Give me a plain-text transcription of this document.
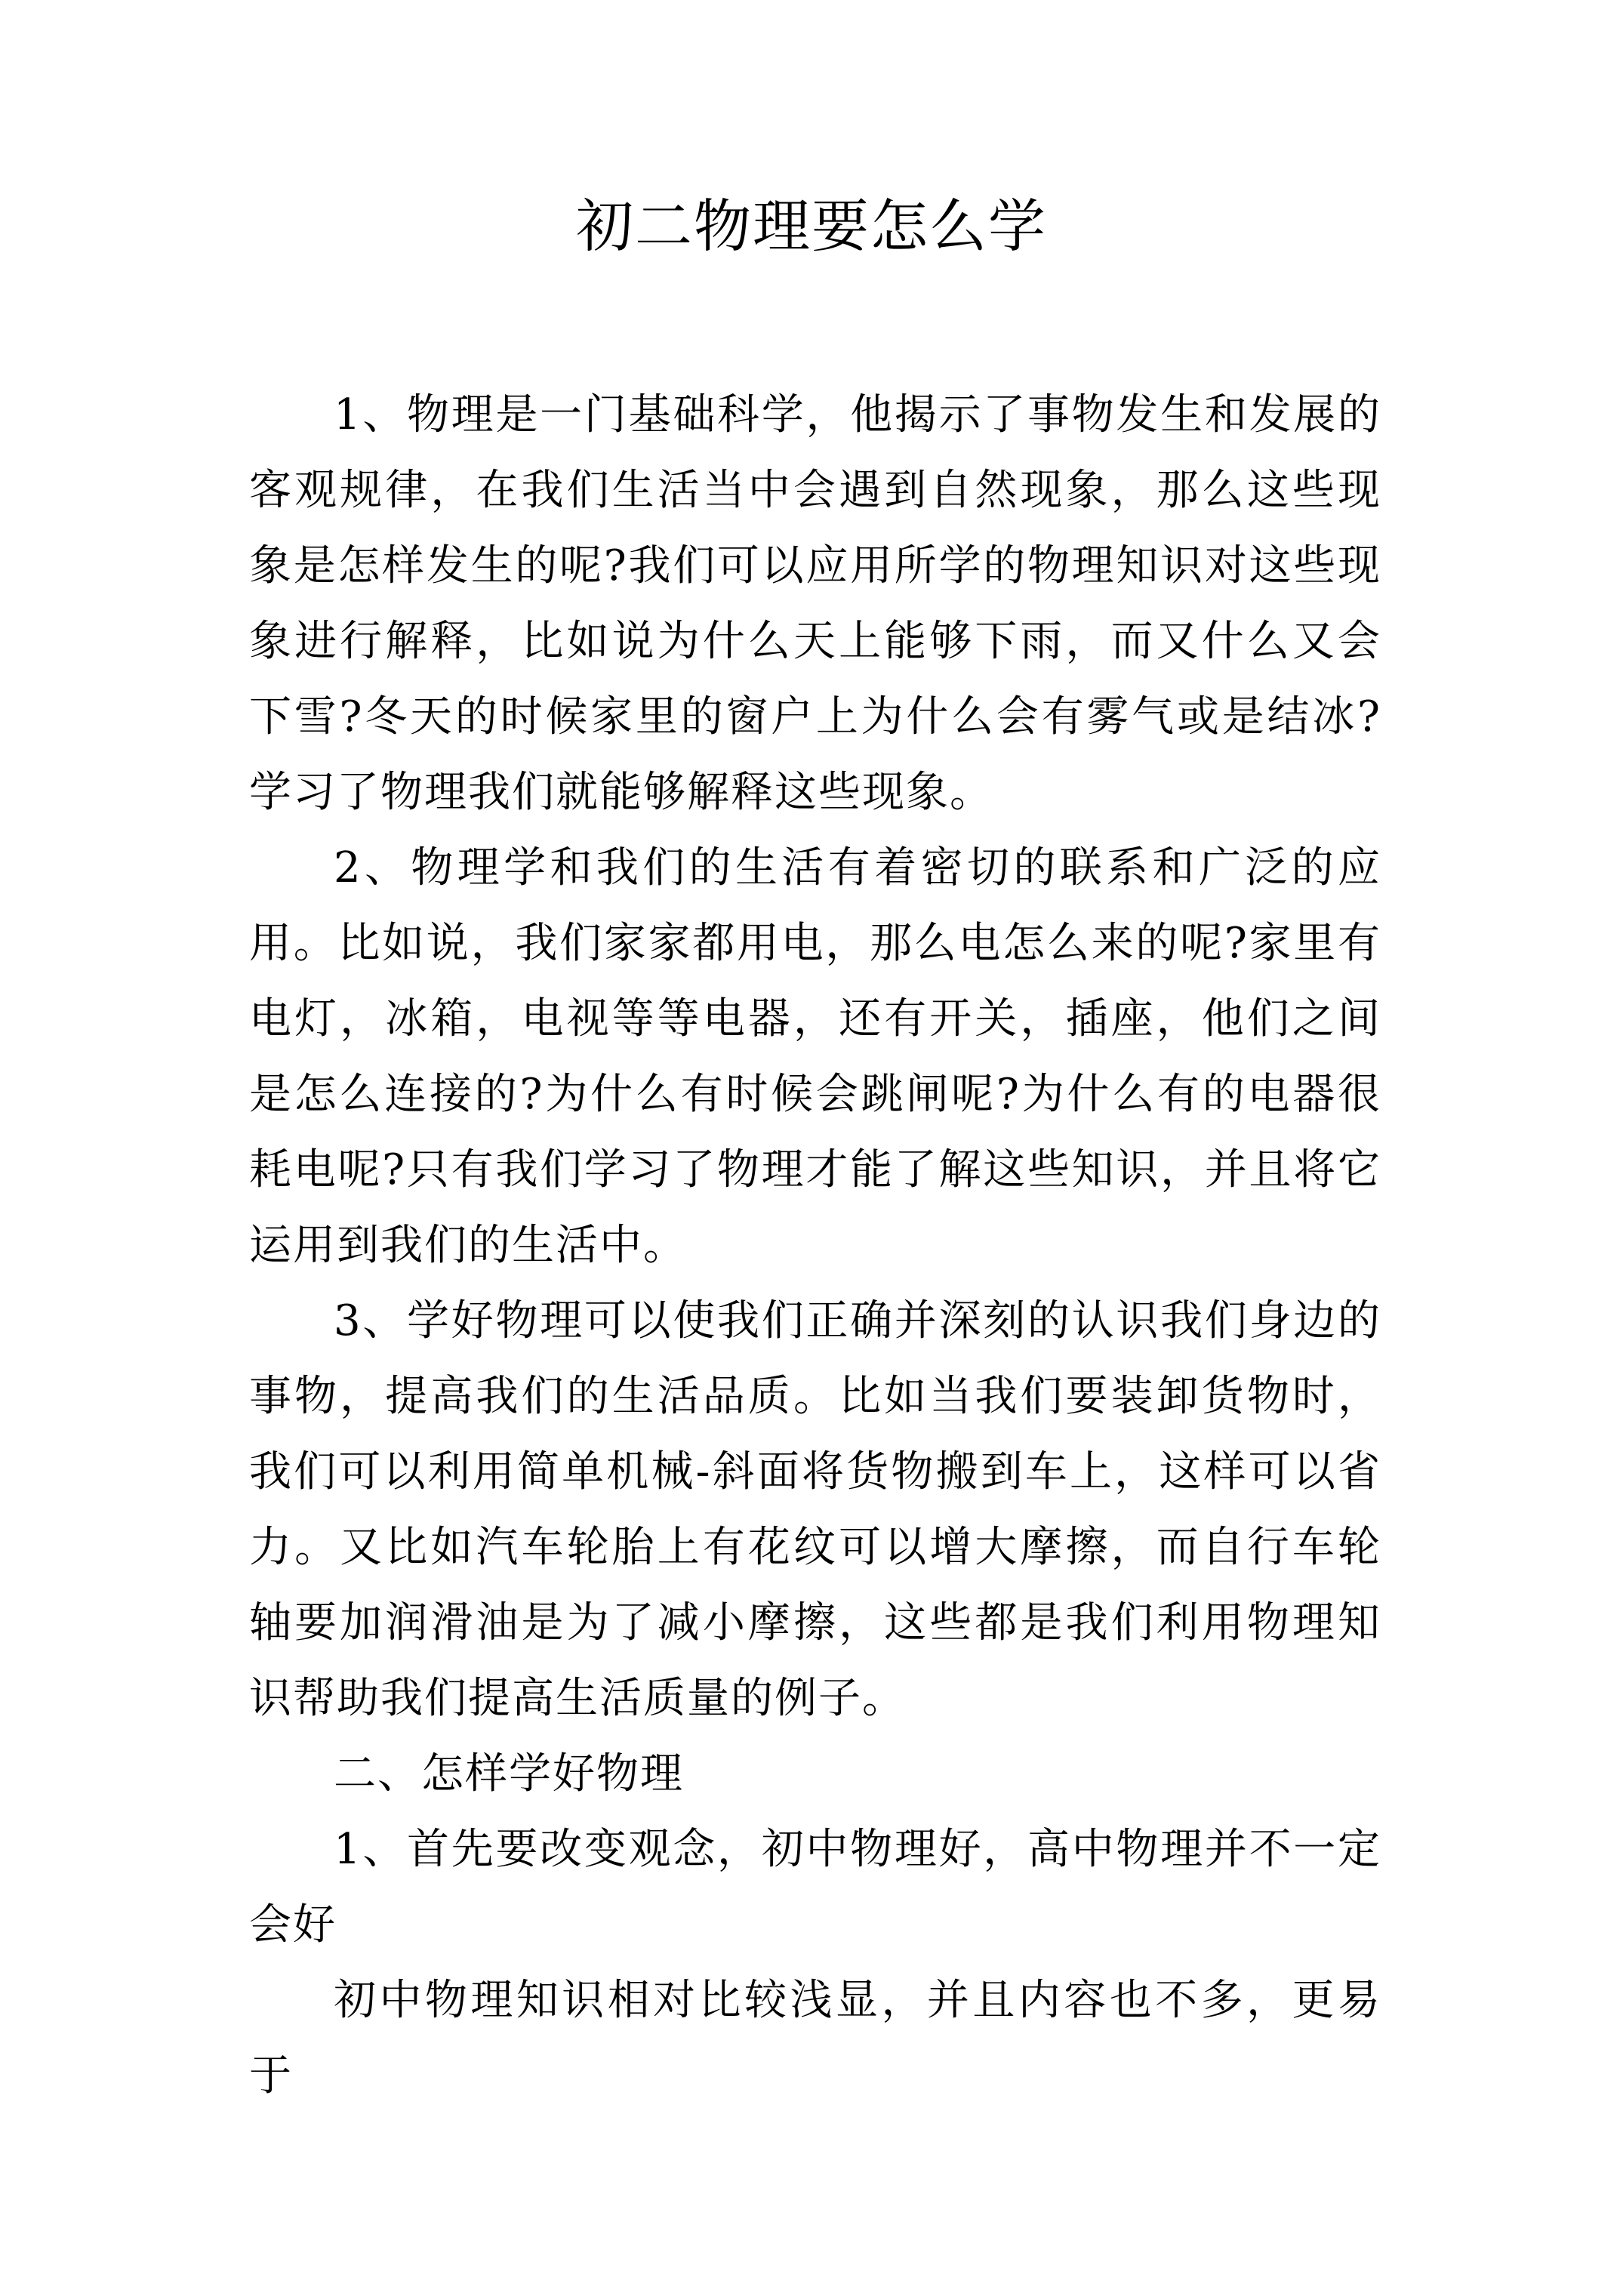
初二物理要怎么学

1、物理是一门基础科学，他揭示了事物发生和发展的客观规律，在我们生活当中会遇到自然现象，那么这些现象是怎样发生的呢?我们可以应用所学的物理知识对这些现象进行解释，比如说为什么天上能够下雨，而又什么又会下雪?冬天的时候家里的窗户上为什么会有雾气或是结冰?学习了物理我们就能够解释这些现象。

2、物理学和我们的生活有着密切的联系和广泛的应用。比如说，我们家家都用电，那么电怎么来的呢?家里有电灯，冰箱，电视等等电器，还有开关，插座，他们之间是怎么连接的?为什么有时候会跳闸呢?为什么有的电器很耗电呢?只有我们学习了物理才能了解这些知识，并且将它运用到我们的生活中。

3、学好物理可以使我们正确并深刻的认识我们身边的事物，提高我们的生活品质。比如当我们要装卸货物时，我们可以利用简单机械-斜面将货物搬到车上，这样可以省力。又比如汽车轮胎上有花纹可以增大摩擦，而自行车轮轴要加润滑油是为了减小摩擦，这些都是我们利用物理知识帮助我们提高生活质量的例子。

二、怎样学好物理

1、首先要改变观念，初中物理好，高中物理并不一定会好

初中物理知识相对比较浅显，并且内容也不多，更易于
